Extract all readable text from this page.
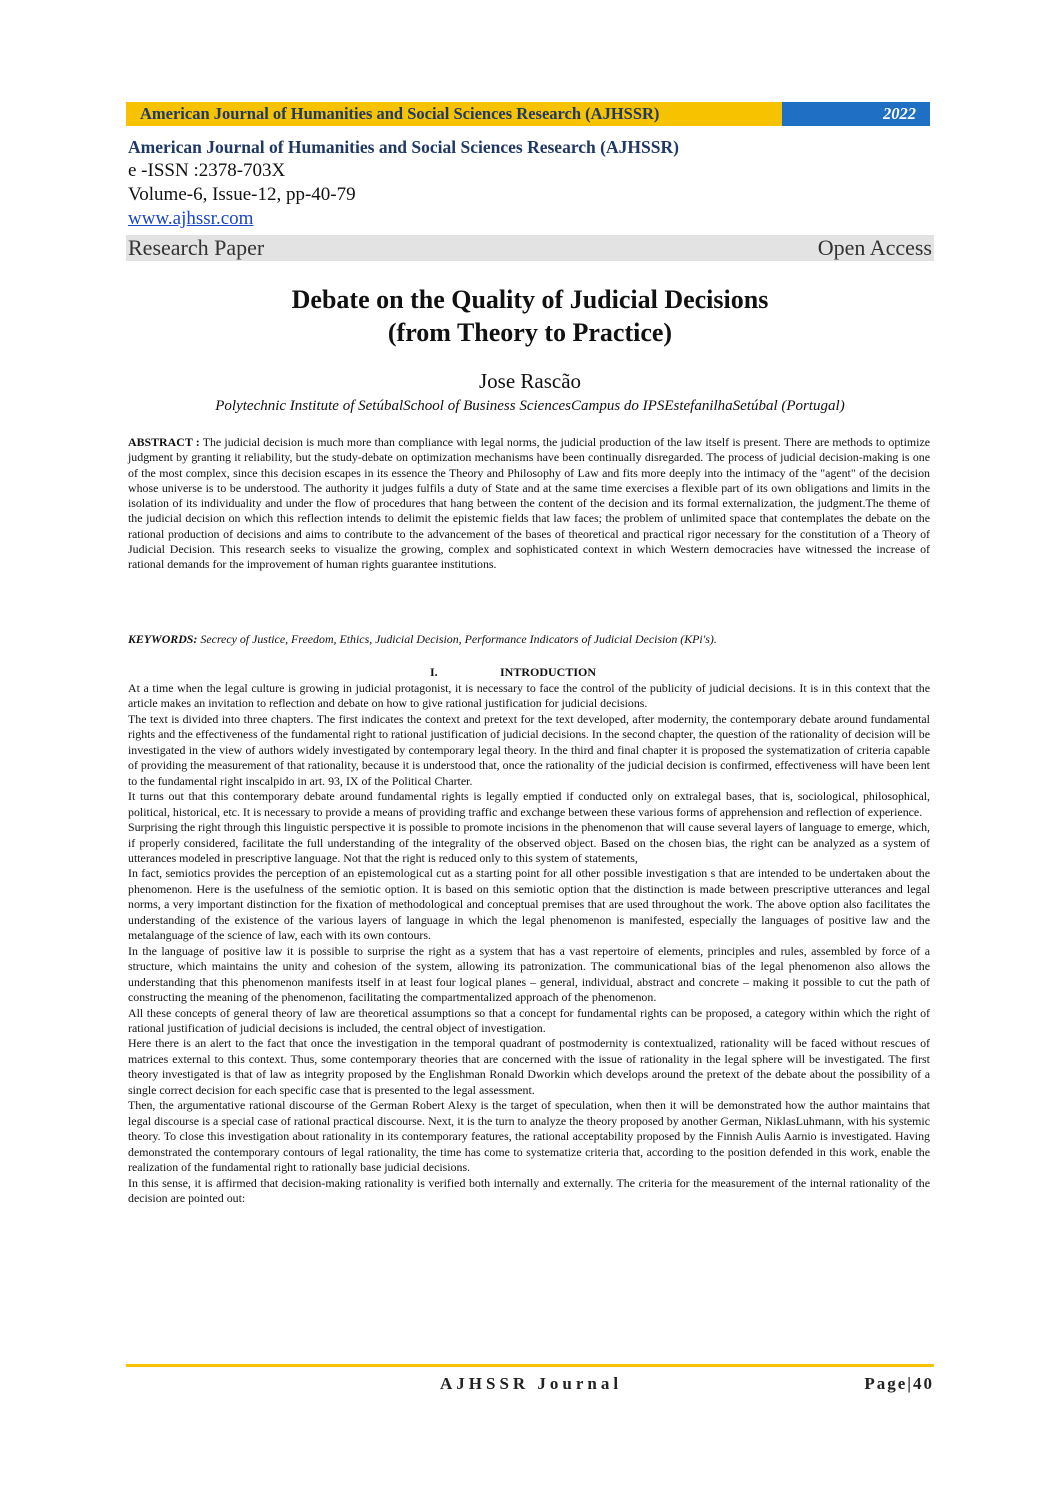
American Journal of Humanities and Social Sciences Research (AJHSSR)	2022
American Journal of Humanities and Social Sciences Research (AJHSSR)
e -ISSN :2378-703X
Volume-6, Issue-12, pp-40-79
www.ajhssr.com
Research Paper	Open Access
Debate on the Quality of Judicial Decisions
(from Theory to Practice)
Jose Rascão
Polytechnic Institute of SetúbalSchool of Business SciencesCampus do IPSEstefanilhaSetúbal (Portugal)
ABSTRACT : The judicial decision is much more than compliance with legal norms, the judicial production of the law itself is present. There are methods to optimize judgment by granting it reliability, but the study-debate on optimization mechanisms have been continually disregarded. The process of judicial decision-making is one of the most complex, since this decision escapes in its essence the Theory and Philosophy of Law and fits more deeply into the intimacy of the "agent" of the decision whose universe is to be understood. The authority it judges fulfils a duty of State and at the same time exercises a flexible part of its own obligations and limits in the isolation of its individuality and under the flow of procedures that hang between the content of the decision and its formal externalization, the judgment.The theme of the judicial decision on which this reflection intends to delimit the epistemic fields that law faces; the problem of unlimited space that contemplates the debate on the rational production of decisions and aims to contribute to the advancement of the bases of theoretical and practical rigor necessary for the constitution of a Theory of Judicial Decision. This research seeks to visualize the growing, complex and sophisticated context in which Western democracies have witnessed the increase of rational demands for the improvement of human rights guarantee institutions.
KEYWORDS: Secrecy of Justice, Freedom, Ethics, Judicial Decision, Performance Indicators of Judicial Decision (KPi's).
I.	INTRODUCTION

At a time when the legal culture is growing in judicial protagonist, it is necessary to face the control of the publicity of judicial decisions. It is in this context that the article makes an invitation to reflection and debate on how to give rational justification for judicial decisions.

The text is divided into three chapters. The first indicates the context and pretext for the text developed, after modernity, the contemporary debate around fundamental rights and the effectiveness of the fundamental right to rational justification of judicial decisions. In the second chapter, the question of the rationality of decision will be investigated in the view of authors widely investigated by contemporary legal theory. In the third and final chapter it is proposed the systematization of criteria capable of providing the measurement of that rationality, because it is understood that, once the rationality of the judicial decision is confirmed, effectiveness will have been lent to the fundamental right inscalpido in art. 93, IX of the Political Charter.

It turns out that this contemporary debate around fundamental rights is legally emptied if conducted only on extralegal bases, that is, sociological, philosophical, political, historical, etc. It is necessary to provide a means of providing traffic and exchange between these various forms of apprehension and reflection of experience.

Surprising the right through this linguistic perspective it is possible to promote incisions in the phenomenon that will cause several layers of language to emerge, which, if properly considered, facilitate the full understanding of the integrality of the observed object. Based on the chosen bias, the right can be analyzed as a system of utterances modeled in prescriptive language. Not that the right is reduced only to this system of statements,

In fact, semiotics provides the perception of an epistemological cut as a starting point for all other possible investigation s that are intended to be undertaken about the phenomenon. Here is the usefulness of the semiotic option. It is based on this semiotic option that the distinction is made between prescriptive utterances and legal norms, a very important distinction for the fixation of methodological and conceptual premises that are used throughout the work. The above option also facilitates the understanding of the existence of the various layers of language in which the legal phenomenon is manifested, especially the languages of positive law and the metalanguage of the science of law, each with its own contours.

In the language of positive law it is possible to surprise the right as a system that has a vast repertoire of elements, principles and rules, assembled by force of a structure, which maintains the unity and cohesion of the system, allowing its patronization. The communicational bias of the legal phenomenon also allows the understanding that this phenomenon manifests itself in at least four logical planes – general, individual, abstract and concrete – making it possible to cut the path of constructing the meaning of the phenomenon, facilitating the compartmentalized approach of the phenomenon.

All these concepts of general theory of law are theoretical assumptions so that a concept for fundamental rights can be proposed, a category within which the right of rational justification of judicial decisions is included, the central object of investigation.

Here there is an alert to the fact that once the investigation in the temporal quadrant of postmodernity is contextualized, rationality will be faced without rescues of matrices external to this context. Thus, some contemporary theories that are concerned with the issue of rationality in the legal sphere will be investigated. The first theory investigated is that of law as integrity proposed by the Englishman Ronald Dworkin which develops around the pretext of the debate about the possibility of a single correct decision for each specific case that is presented to the legal assessment.

Then, the argumentative rational discourse of the German Robert Alexy is the target of speculation, when then it will be demonstrated how the author maintains that legal discourse is a special case of rational practical discourse. Next, it is the turn to analyze the theory proposed by another German, NiklasLuhmann, with his systemic theory. To close this investigation about rationality in its contemporary features, the rational acceptability proposed by the Finnish Aulis Aarnio is investigated. Having demonstrated the contemporary contours of legal rationality, the time has come to systematize criteria that, according to the position defended in this work, enable the realization of the fundamental right to rationally base judicial decisions.

In this sense, it is affirmed that decision-making rationality is verified both internally and externally. The criteria for the measurement of the internal rationality of the decision are pointed out:

AJHSSR Journal	Page|40
